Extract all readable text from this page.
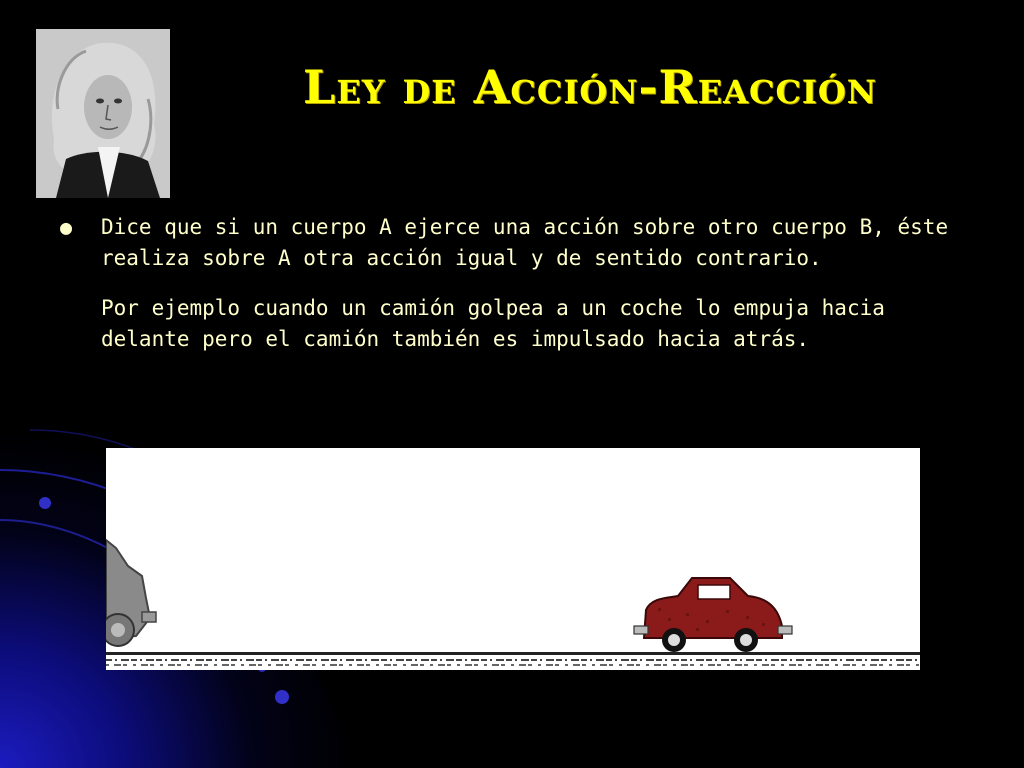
Ley de Acción-Reacción
●	Dice que si un cuerpo A ejerce una acción sobre otro cuerpo B, éste realiza sobre A otra acción igual y de sentido contrario.

Por ejemplo cuando un camión golpea a un coche lo empuja hacia delante pero el camión también es impulsado hacia atrás.
